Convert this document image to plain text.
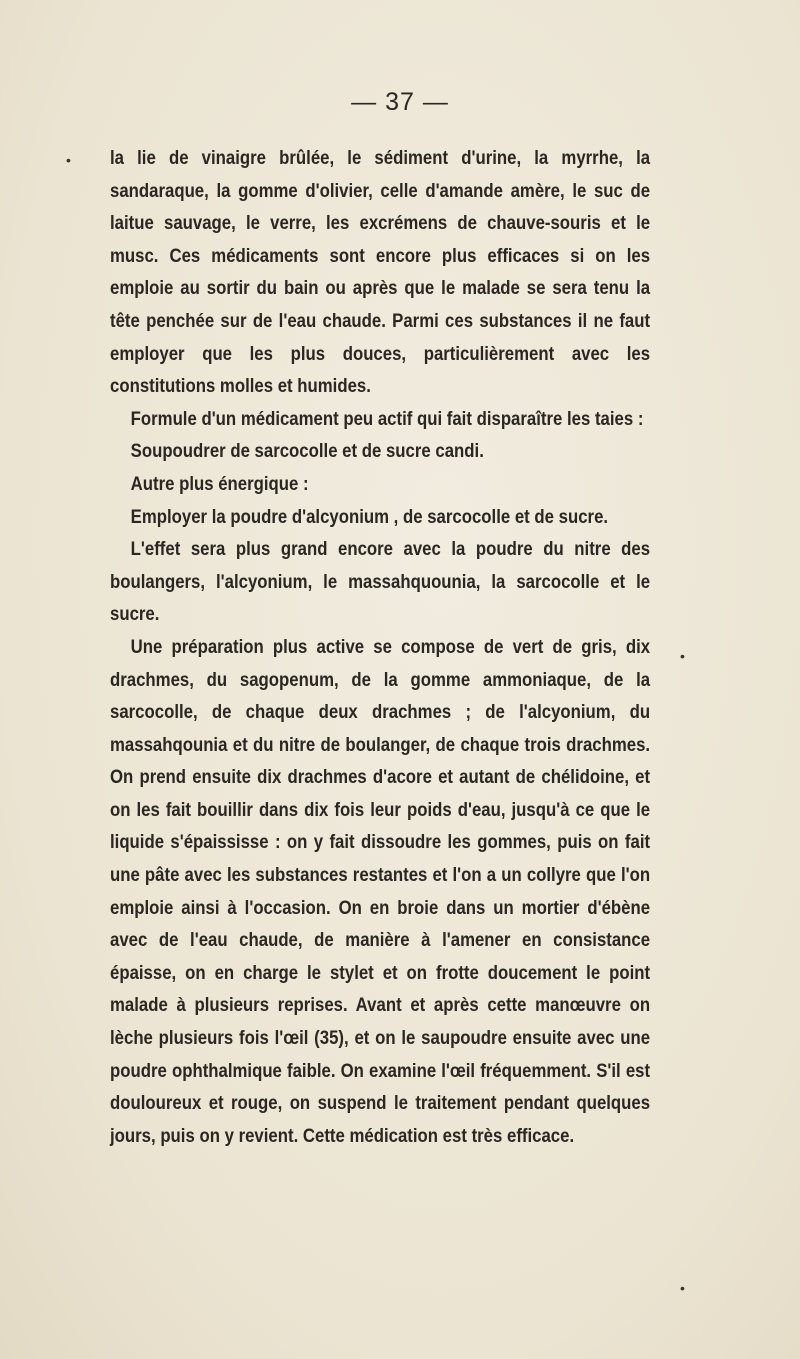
— 37 —

la lie de vinaigre brûlée, le sédiment d'urine, la myrrhe, la sandaraque, la gomme d'olivier, celle d'amande amère, le suc de laitue sauvage, le verre, les excrémens de chauve-souris et le musc. Ces médicaments sont encore plus efficaces si on les emploie au sortir du bain ou après que le malade se sera tenu la tête penchée sur de l'eau chaude. Parmi ces substances il ne faut employer que les plus douces, particulièrement avec les constitutions molles et humides.

Formule d'un médicament peu actif qui fait disparaître les taies :

Soupoudrer de sarcocolle et de sucre candi.

Autre plus énergique :

Employer la poudre d'alcyonium , de sarcocolle et de sucre.

L'effet sera plus grand encore avec la poudre du nitre des boulangers, l'alcyonium, le massahquounia, la sarcocolle et le sucre.

Une préparation plus active se compose de vert de gris, dix drachmes, du sagopenum, de la gomme ammoniaque, de la sarcocolle, de chaque deux drachmes ; de l'alcyonium, du massahqounia et du nitre de boulanger, de chaque trois drachmes. On prend ensuite dix drachmes d'acore et autant de chélidoine, et on les fait bouillir dans dix fois leur poids d'eau, jusqu'à ce que le liquide s'épaississe : on y fait dissoudre les gommes, puis on fait une pâte avec les substances restantes et l'on a un collyre que l'on emploie ainsi à l'occasion. On en broie dans un mortier d'ébène avec de l'eau chaude, de manière à l'amener en consistance épaisse, on en charge le stylet et on frotte doucement le point malade à plusieurs reprises. Avant et après cette manœuvre on lèche plusieurs fois l'œil (35), et on le saupoudre ensuite avec une poudre ophthalmique faible. On examine l'œil fréquemment. S'il est douloureux et rouge, on suspend le traitement pendant quelques jours, puis on y revient. Cette médication est très efficace.

•
•
•
